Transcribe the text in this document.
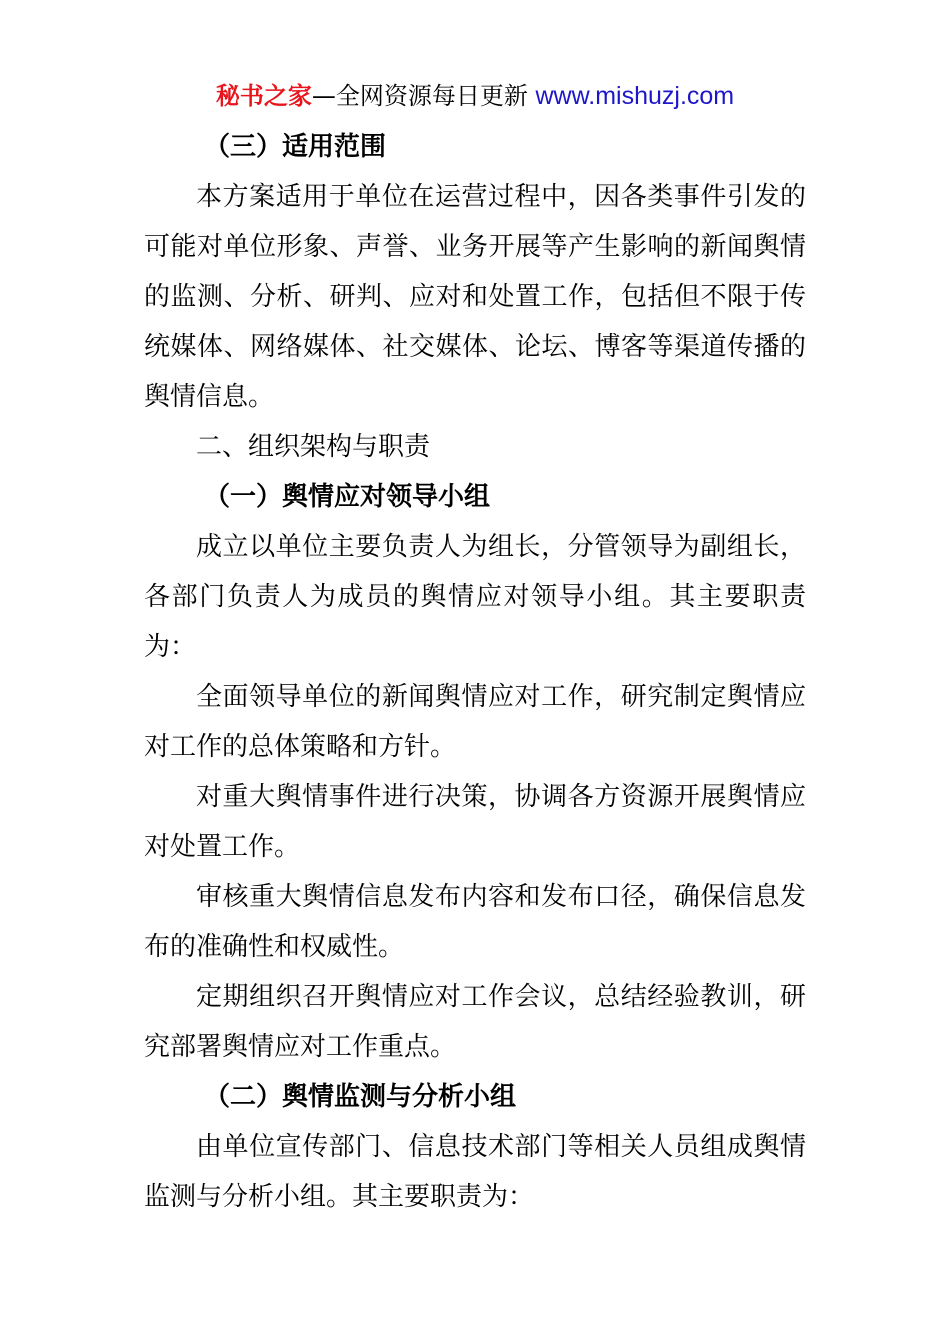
秘书之家—全网资源每日更新 www.mishuzj.com

（三）适用范围

本方案适用于单位在运营过程中，因各类事件引发的可能对单位形象、声誉、业务开展等产生影响的新闻舆情的监测、分析、研判、应对和处置工作，包括但不限于传统媒体、网络媒体、社交媒体、论坛、博客等渠道传播的舆情信息。

二、组织架构与职责

（一）舆情应对领导小组

成立以单位主要负责人为组长，分管领导为副组长，各部门负责人为成员的舆情应对领导小组。其主要职责为：

全面领导单位的新闻舆情应对工作，研究制定舆情应对工作的总体策略和方针。

对重大舆情事件进行决策，协调各方资源开展舆情应对处置工作。

审核重大舆情信息发布内容和发布口径，确保信息发布的准确性和权威性。

定期组织召开舆情应对工作会议，总结经验教训，研究部署舆情应对工作重点。

（二）舆情监测与分析小组

由单位宣传部门、信息技术部门等相关人员组成舆情监测与分析小组。其主要职责为：
